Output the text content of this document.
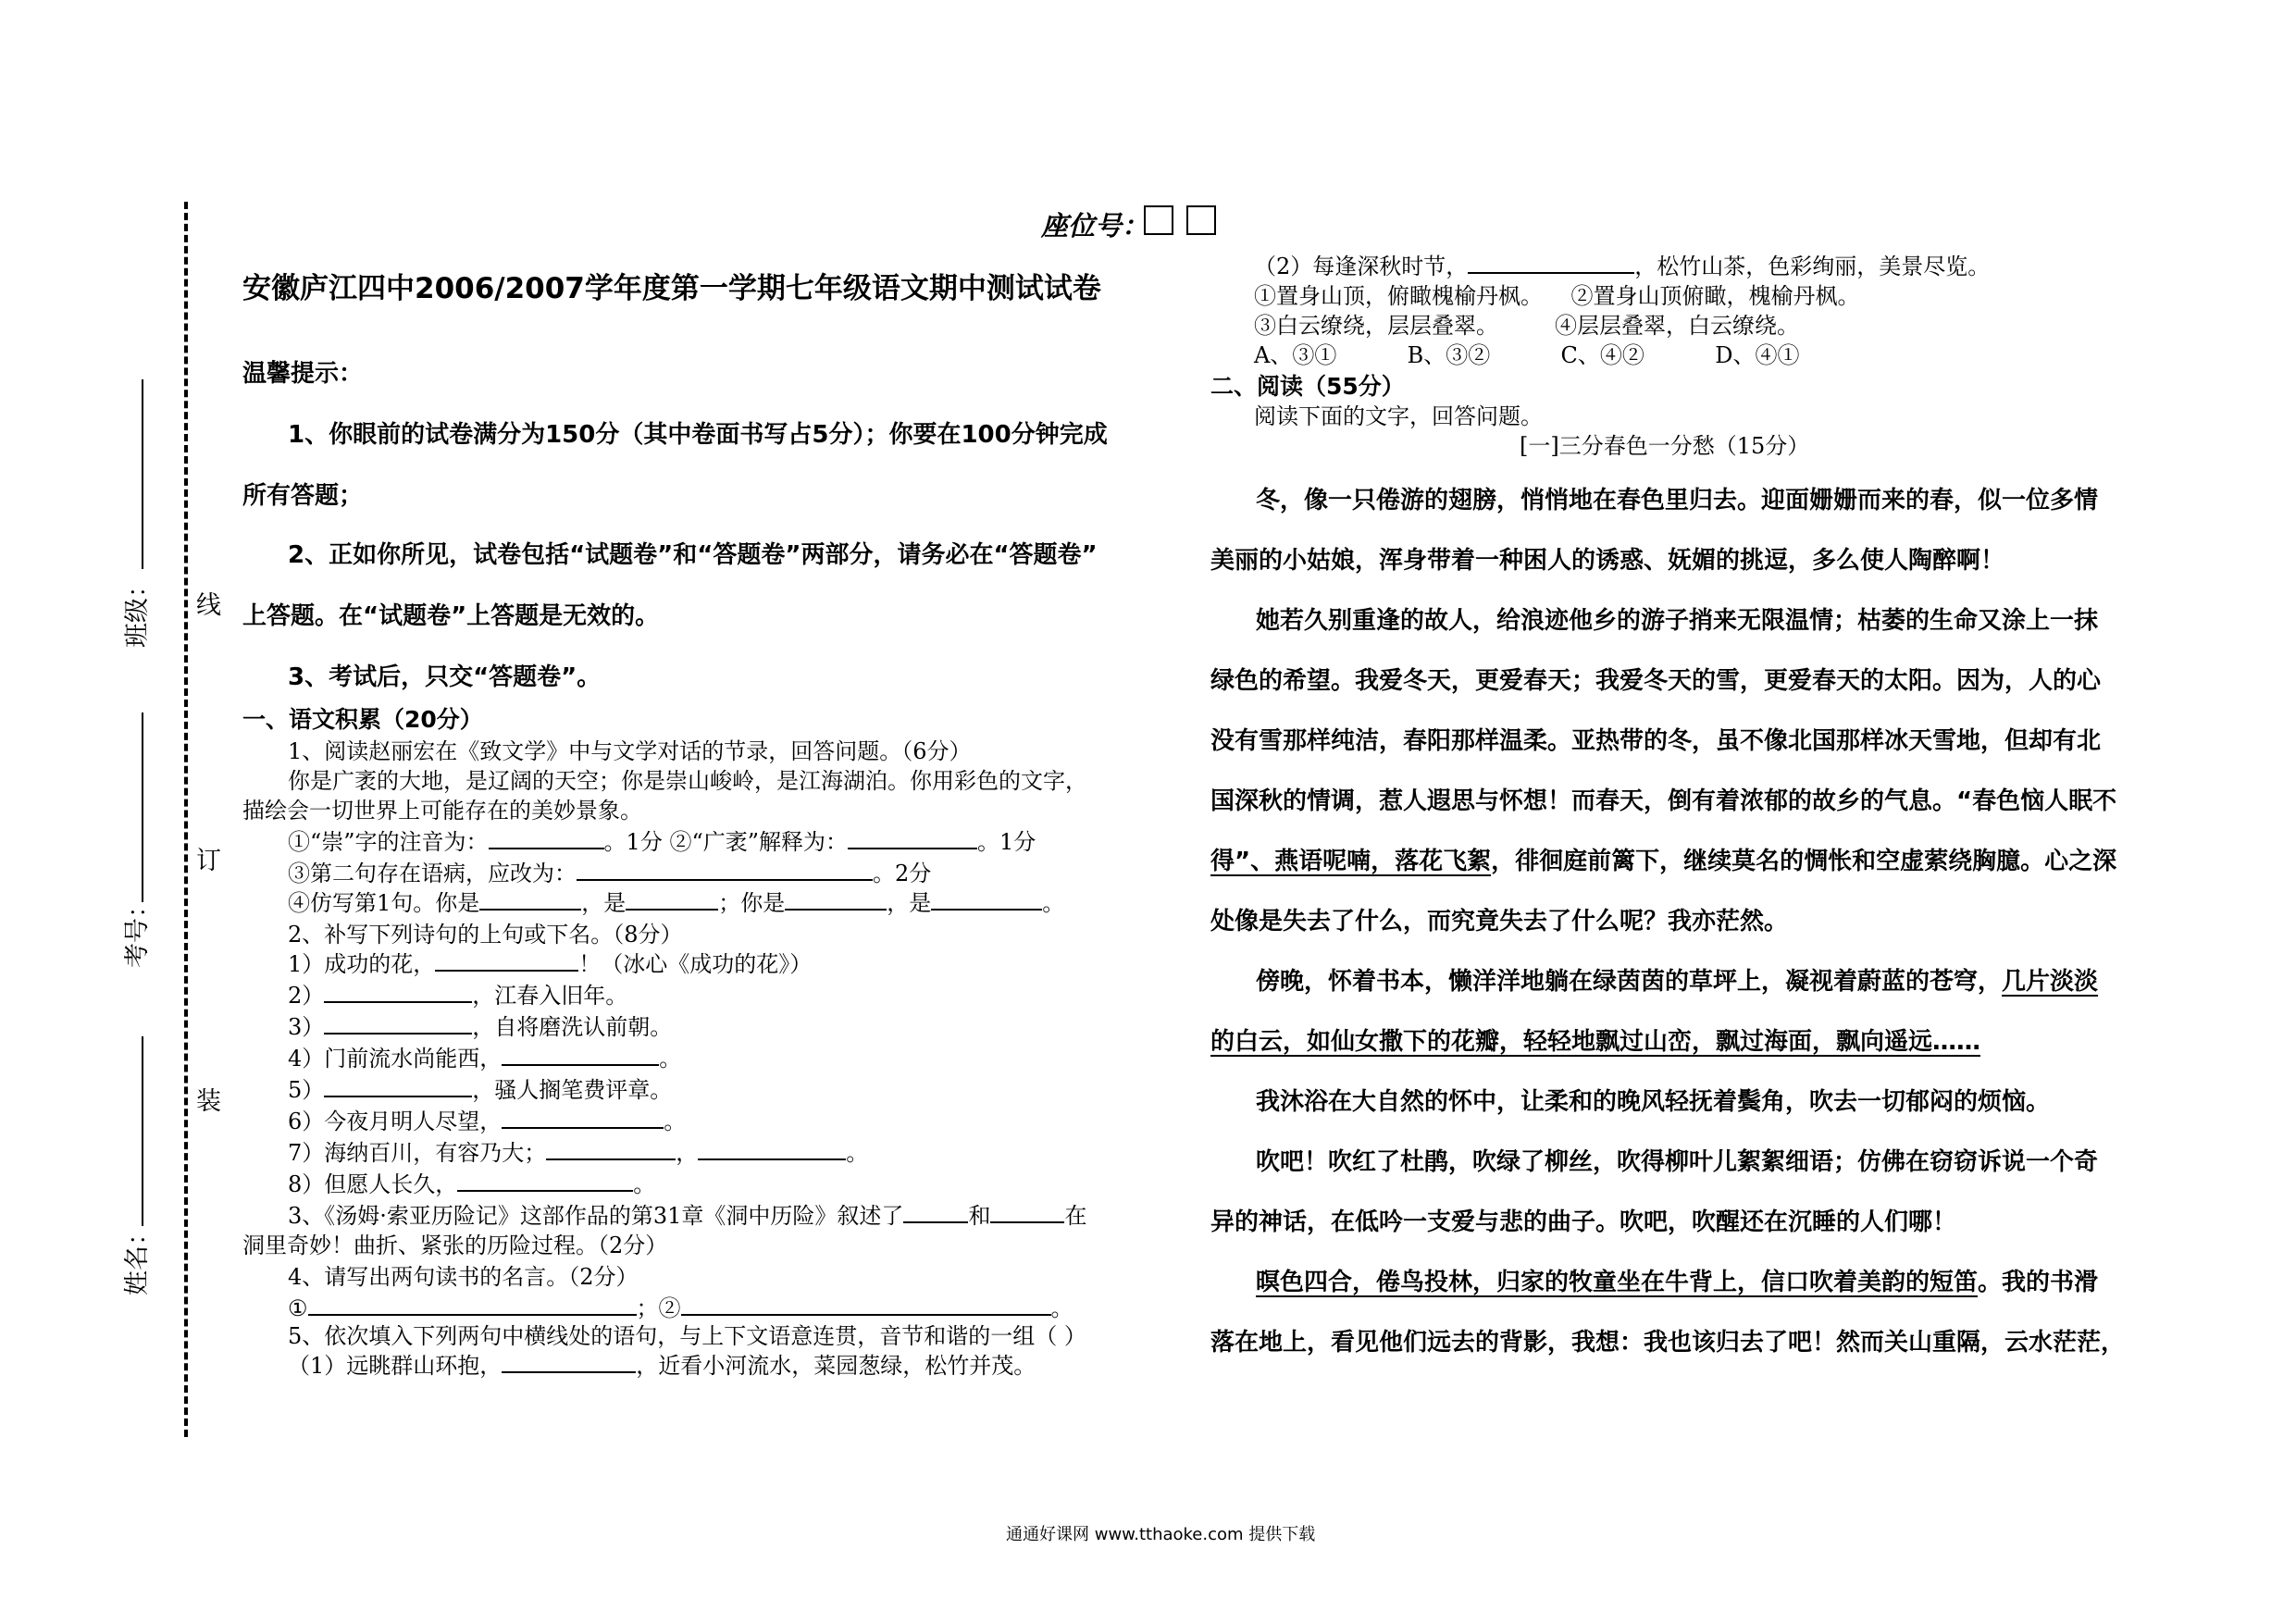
线
订
装
班级：
考号：
姓名：
座位号：
安徽庐江四中2006/2007学年度第一学期七年级语文期中测试试卷
温馨提示：
1、你眼前的试卷满分为150分（其中卷面书写占5分）；你要在100分钟完成
所有答题；
2、正如你所见，试卷包括“试题卷”和“答题卷”两部分，请务必在“答题卷”
上答题。在“试题卷”上答题是无效的。
3、考试后，只交“答题卷”。
一、语文积累（20分）
1、阅读赵丽宏在《致文学》中与文学对话的节录，回答问题。（6分）
你是广袤的大地，是辽阔的天空；你是崇山峻岭，是江海湖泊。你用彩色的文字，
描绘会一切世界上可能存在的美妙景象。
①“崇”字的注音为：	。1分 ②“广袤”解释为：	。1分
③第二句存在语病，应改为：	。2分
④仿写第1句。你是	，是	；你是	，是	。
2、补写下列诗句的上句或下名。（8分）
1）成功的花，	！（冰心《成功的花》）
2）	，江春入旧年。
3）	，自将磨洗认前朝。
4）门前流水尚能西，	。
5）	，骚人搁笔费评章。
6）今夜月明人尽望，	。
7）海纳百川，有容乃大；	，	。
8）但愿人长久，	。
3、《汤姆·索亚历险记》这部作品的第31章《洞中历险》叙述了	和	在
洞里奇妙！曲折、紧张的历险过程。（2分）
4、请写出两句读书的名言。（2分）
①	；②	。
5、依次填入下列两句中横线处的语句，与上下文语意连贯，音节和谐的一组（ ）
（1）远眺群山环抱，	，近看小河流水，菜园葱绿，松竹并茂。
（2）每逢深秋时节，	，松竹山茶，色彩绚丽，美景尽览。
①置身山顶，俯瞰槐榆丹枫。    ②置身山顶俯瞰，槐榆丹枫。
③白云缭绕，层层叠翠。        ④层层叠翠，白云缭绕。
A、③①          B、③②          C、④②          D、④①
二、阅读（55分）
阅读下面的文字，回答问题。
[一]三分春色一分愁（15分）
冬，像一只倦游的翅膀，悄悄地在春色里归去。迎面姗姗而来的春，似一位多情
美丽的小姑娘，浑身带着一种困人的诱惑、妩媚的挑逗，多么使人陶醉啊！
她若久别重逢的故人，给浪迹他乡的游子捎来无限温情；枯萎的生命又涂上一抹
绿色的希望。我爱冬天，更爱春天；我爱冬天的雪，更爱春天的太阳。因为，人的心
没有雪那样纯洁，春阳那样温柔。亚热带的冬，虽不像北国那样冰天雪地，但却有北
国深秋的情调，惹人遐思与怀想！而春天，倒有着浓郁的故乡的气息。“春色恼人眠不
得”、燕语呢喃，落花飞絮，徘徊庭前篱下，继续莫名的惆怅和空虚萦绕胸臆。心之深
处像是失去了什么，而究竟失去了什么呢？我亦茫然。
傍晚，怀着书本，懒洋洋地躺在绿茵茵的草坪上，凝视着蔚蓝的苍穹，几片淡淡
的白云，如仙女撒下的花瓣，轻轻地飘过山峦，飘过海面，飘向遥远……
我沐浴在大自然的怀中，让柔和的晚风轻抚着鬓角，吹去一切郁闷的烦恼。
吹吧！吹红了杜鹃，吹绿了柳丝，吹得柳叶儿絮絮细语；仿佛在窃窃诉说一个奇
异的神话，在低吟一支爱与悲的曲子。吹吧，吹醒还在沉睡的人们哪！
暝色四合，倦鸟投林，归家的牧童坐在牛背上，信口吹着美韵的短笛。我的书滑
落在地上，看见他们远去的背影，我想：我也该归去了吧！然而关山重隔，云水茫茫，
通通好课网 www.tthaoke.com 提供下载
